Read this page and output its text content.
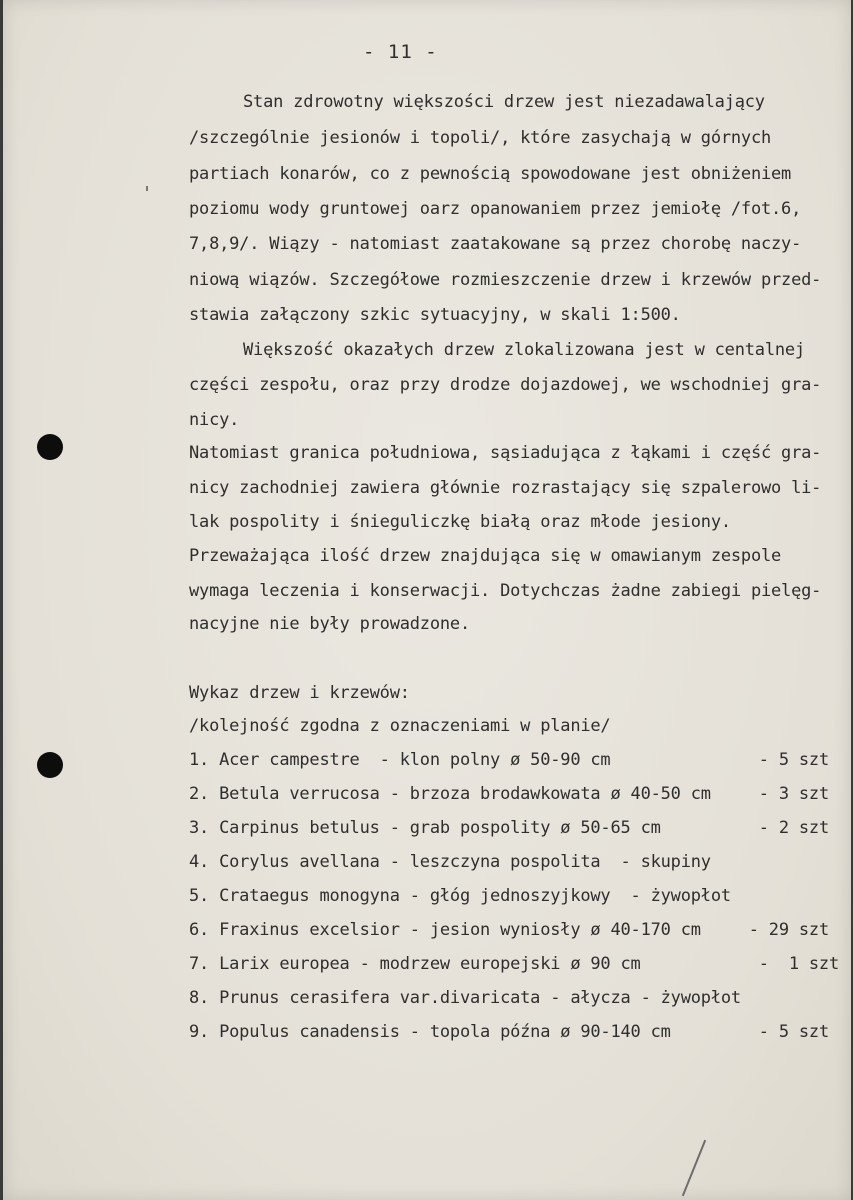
- 11 -
Stan zdrowotny większości drzew jest niezadawalający
/szczególnie jesionów i topoli/, które zasychają w górnych
partiach konarów, co z pewnością spowodowane jest obniżeniem
poziomu wody gruntowej oarz opanowaniem przez jemiołę /fot.6,
7,8,9/. Wiązy - natomiast zaatakowane są przez chorobę naczy-
niową wiązów. Szczegółowe rozmieszczenie drzew i krzewów przed-
stawia załączony szkic sytuacyjny, w skali 1:500.
Większość okazałych drzew zlokalizowana jest w centalnej
części zespołu, oraz przy drodze dojazdowej, we wschodniej gra-
nicy.
Natomiast granica południowa, sąsiadująca z łąkami i część gra-
nicy zachodniej zawiera głównie rozrastający się szpalerowo li-
lak pospolity i śnieguliczkę białą oraz młode jesiony.
Przeważająca ilość drzew znajdująca się w omawianym zespole
wymaga leczenia i konserwacji. Dotychczas żadne zabiegi pielęg-
nacyjne nie były prowadzone.
Wykaz drzew i krzewów:
/kolejność zgodna z oznaczeniami w planie/
1. Acer campestre  - klon polny ø 50-90 cm	- 5 szt
2. Betula verrucosa - brzoza brodawkowata ø 40-50 cm	- 3 szt
3. Carpinus betulus - grab pospolity ø 50-65 cm	- 2 szt
4. Corylus avellana - leszczyna pospolita  - skupiny
5. Crataegus monogyna - głóg jednoszyjkowy  - żywopłot
6. Fraxinus excelsior - jesion wyniosły ø 40-170 cm	- 29 szt
7. Larix europea - modrzew europejski ø 90 cm	-  1 szt
8. Prunus cerasifera var.divaricata - ałycza - żywopłot
9. Populus canadensis - topola późna ø 90-140 cm	- 5 szt
